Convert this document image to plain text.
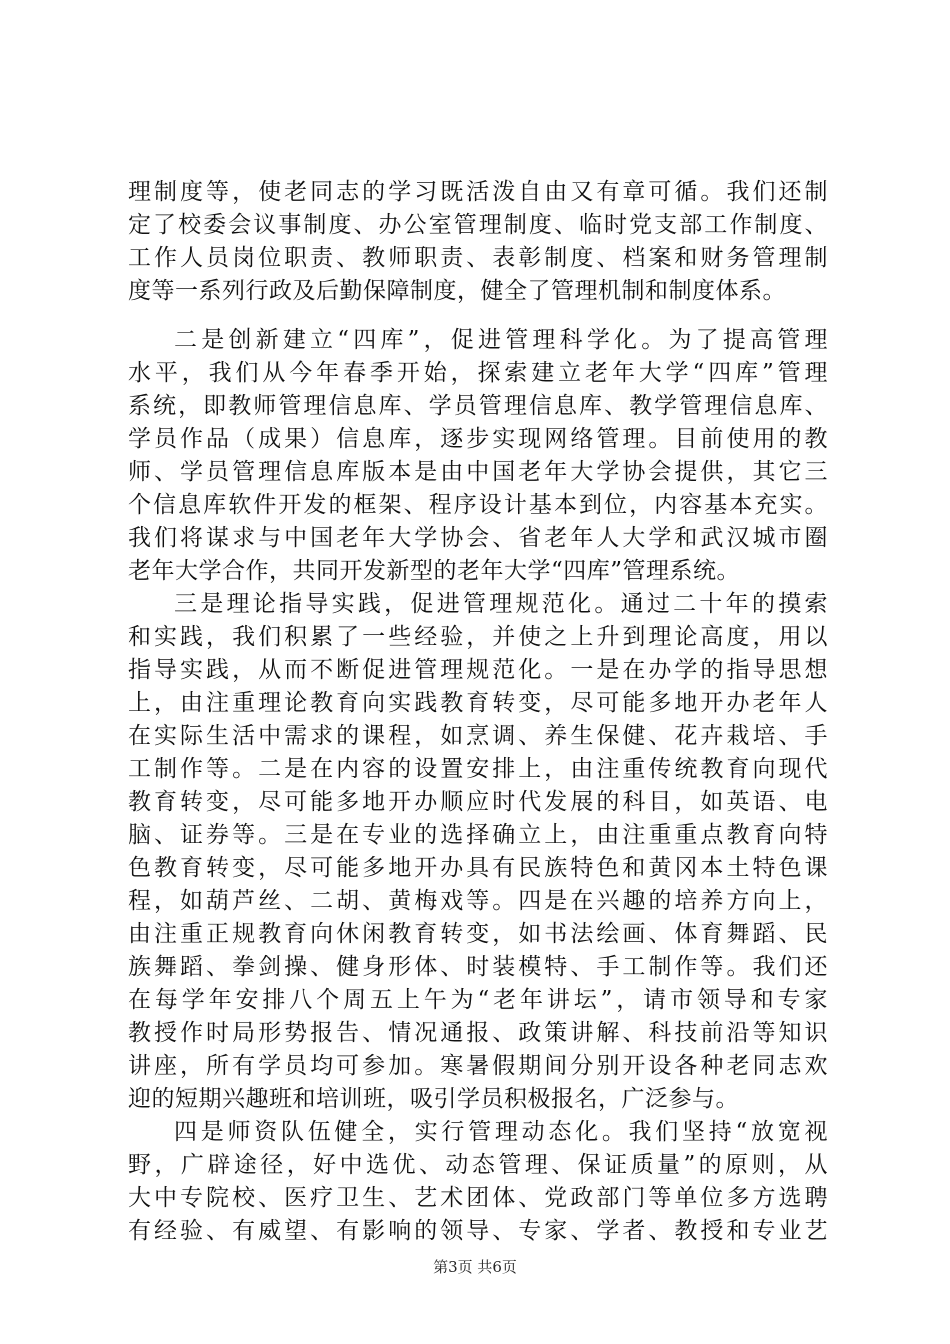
理制度等，使老同志的学习既活泼自由又有章可循。我们还制
定了校委会议事制度、办公室管理制度、临时党支部工作制度、
工作人员岗位职责、教师职责、表彰制度、档案和财务管理制
度等一系列行政及后勤保障制度，健全了管理机制和制度体系。
二是创新建立“四库”，促进管理科学化。为了提高管理
水平，我们从今年春季开始，探索建立老年大学“四库”管理
系统，即教师管理信息库、学员管理信息库、教学管理信息库、
学员作品（成果）信息库，逐步实现网络管理。目前使用的教
师、学员管理信息库版本是由中国老年大学协会提供，其它三
个信息库软件开发的框架、程序设计基本到位，内容基本充实。
我们将谋求与中国老年大学协会、省老年人大学和武汉城市圈
老年大学合作，共同开发新型的老年大学“四库”管理系统。
三是理论指导实践，促进管理规范化。通过二十年的摸索
和实践，我们积累了一些经验，并使之上升到理论高度，用以
指导实践，从而不断促进管理规范化。一是在办学的指导思想
上，由注重理论教育向实践教育转变，尽可能多地开办老年人
在实际生活中需求的课程，如烹调、养生保健、花卉栽培、手
工制作等。二是在内容的设置安排上，由注重传统教育向现代
教育转变，尽可能多地开办顺应时代发展的科目，如英语、电
脑、证券等。三是在专业的选择确立上，由注重重点教育向特
色教育转变，尽可能多地开办具有民族特色和黄冈本土特色课
程，如葫芦丝、二胡、黄梅戏等。四是在兴趣的培养方向上，
由注重正规教育向休闲教育转变，如书法绘画、体育舞蹈、民
族舞蹈、拳剑操、健身形体、时装模特、手工制作等。我们还
在每学年安排八个周五上午为“老年讲坛”，请市领导和专家
教授作时局形势报告、情况通报、政策讲解、科技前沿等知识
讲座，所有学员均可参加。寒暑假期间分别开设各种老同志欢
迎的短期兴趣班和培训班，吸引学员积极报名，广泛参与。
四是师资队伍健全，实行管理动态化。我们坚持“放宽视
野，广辟途径，好中选优、动态管理、保证质量”的原则，从
大中专院校、医疗卫生、艺术团体、党政部门等单位多方选聘
有经验、有威望、有影响的领导、专家、学者、教授和专业艺
第3页 共6页
